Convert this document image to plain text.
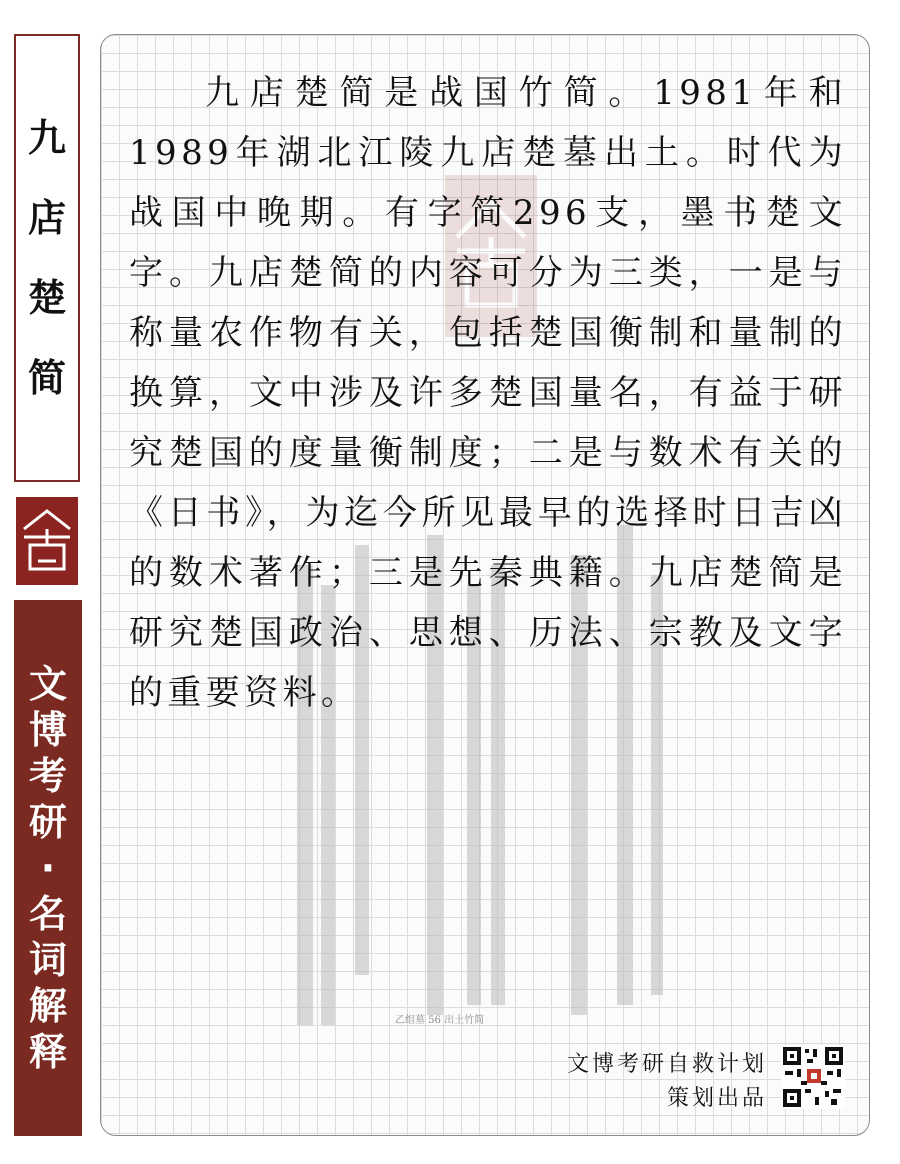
九
店
楚
简
文
博
考
研
·
名
词
解
释
乙组墓 56 出土竹简

九店楚简是战国竹简。1981年和1989年湖北江陵九店楚墓出土。时代为战国中晚期。有字简296支，墨书楚文字。九店楚简的内容可分为三类，一是与称量农作物有关，包括楚国衡制和量制的换算，文中涉及许多楚国量名，有益于研究楚国的度量衡制度；二是与数术有关的《日书》，为迄今所见最早的选择时日吉凶的数术著作；三是先秦典籍。九店楚简是研究楚国政治、思想、历法、宗教及文字的重要资料。

文博考研自救计划
策划出品
